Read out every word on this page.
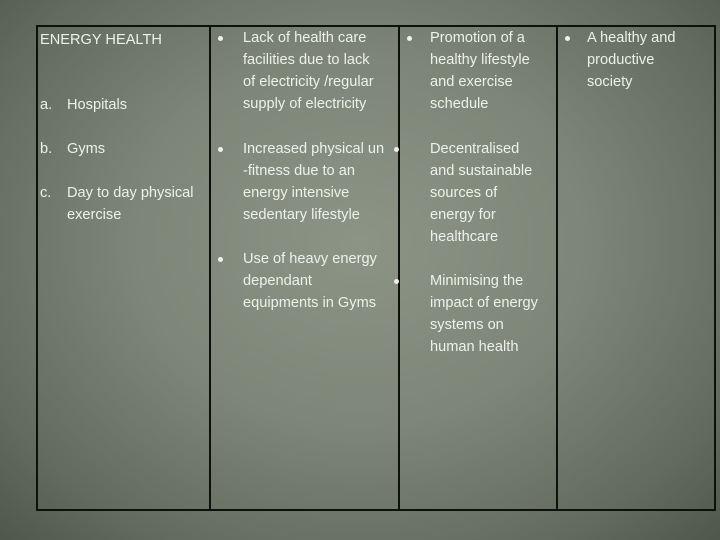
ENERGY HEALTH
a. Hospitals
b. Gyms
c. Day to day physical
exercise

Lack of health care
facilities due to lack
of electricity /regular
supply of electricity
Increased physical un
-fitness due to an
energy intensive
sedentary lifestyle
Use of heavy energy
dependant
equipments in Gyms

Promotion of a
healthy lifestyle
and exercise
schedule
Decentralised
and sustainable
sources of
energy for
healthcare
Minimising the
impact of energy
systems on
human health

A healthy and
productive
society
